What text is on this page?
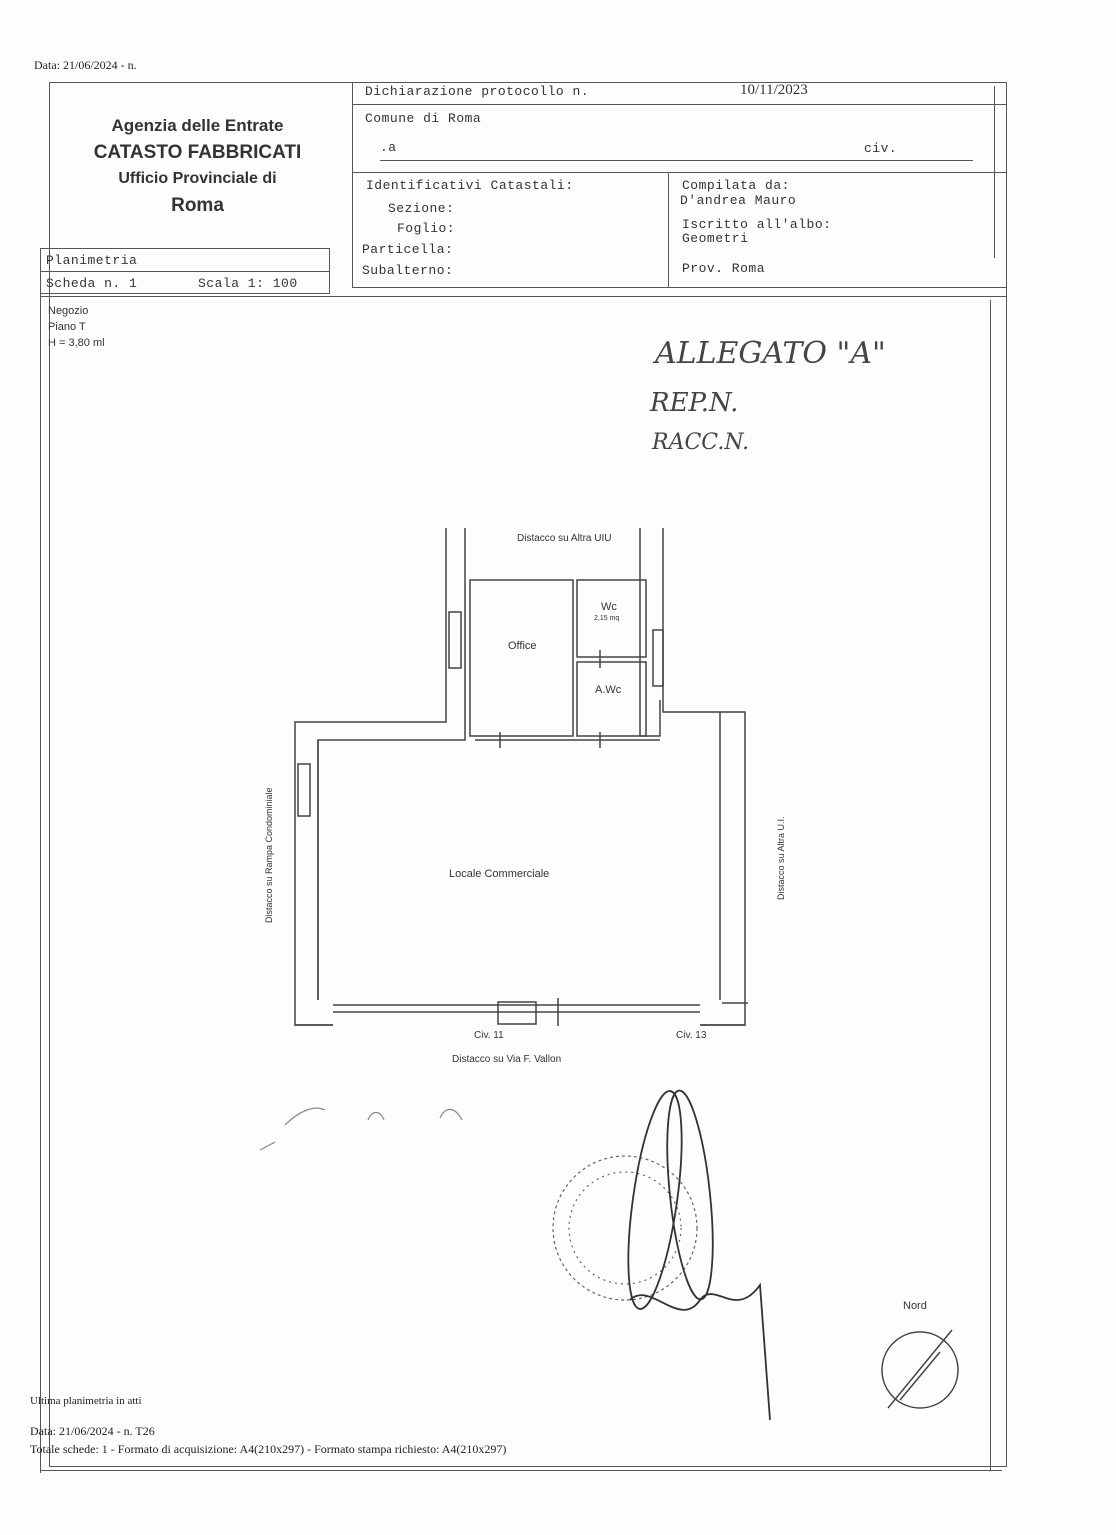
Data: 21/06/2024 - n.
Agenzia delle Entrate
CATASTO FABBRICATI
Ufficio Provinciale di
Roma
Dichiarazione protocollo n.	10/11/2023
Comune di Roma
.a	civ.
Identificativi Catastali:
Sezione:
Foglio:
Particella:
Subalterno:
Compilata da:
D'andrea Mauro
Iscritto all'albo:
Geometri
Prov. Roma
Planimetria
Scheda n. 1	Scala 1: 100
Negozio
Piano T
H = 3,80 ml	ALLEGATO "A"
REP.N.
RACC.N.
Distacco su Altra UIU
Office
Wc
2,15 mq
A.Wc
Locale Commerciale
Distacco su Rampa Condominiale	Distacco su Altra U.I.
Civ. 11	Civ. 13
Distacco su Via F. Vallon
Nord
Ultima planimetria in atti
Data: 21/06/2024 - n. T26
Totale schede: 1 - Formato di acquisizione: A4(210x297) - Formato stampa richiesto: A4(210x297)
